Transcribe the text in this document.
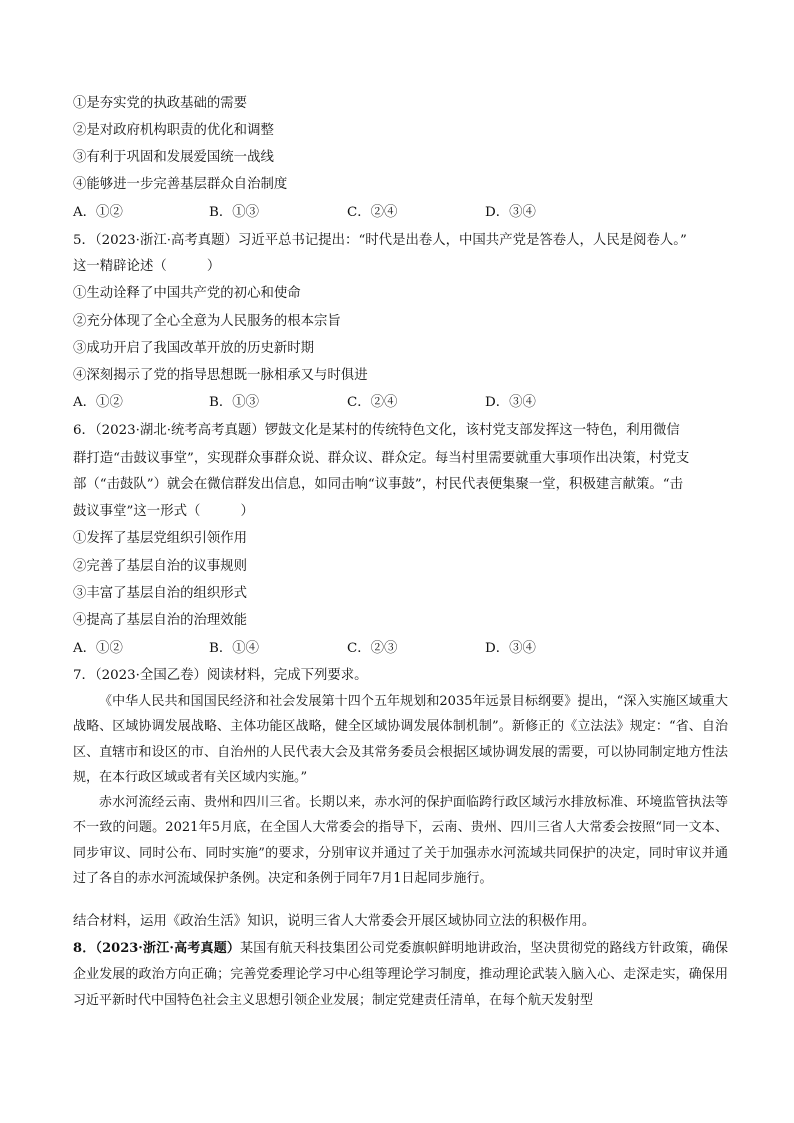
①是夯实党的执政基础的需要
②是对政府机构职责的优化和调整
③有利于巩固和发展爱国统一战线
④能够进一步完善基层群众自治制度
A．①②	B．①③	C．②④	D．③④
5．（2023·浙江·高考真题）习近平总书记提出：“时代是出卷人，中国共产党是答卷人，人民是阅卷人。”
这一精辟论述（　　　）
①生动诠释了中国共产党的初心和使命
②充分体现了全心全意为人民服务的根本宗旨
③成功开启了我国改革开放的历史新时期
④深刻揭示了党的指导思想既一脉相承又与时俱进
A．①②	B．①③	C．②④	D．③④
6．（2023·湖北·统考高考真题）锣鼓文化是某村的传统特色文化，该村党支部发挥这一特色，利用微信
群打造“击鼓议事堂”，实现群众事群众说、群众议、群众定。每当村里需要就重大事项作出决策，村党支
部（“击鼓队”）就会在微信群发出信息，如同击响“议事鼓”，村民代表便集聚一堂，积极建言献策。“击
鼓议事堂”这一形式（　　　）
①发挥了基层党组织引领作用
②完善了基层自治的议事规则
③丰富了基层自治的组织形式
④提高了基层自治的治理效能
A．①②	B．①④	C．②③	D．③④
7．（2023·全国乙卷）阅读材料，完成下列要求。

《中华人民共和国国民经济和社会发展第十四个五年规划和2035年远景目标纲要》提出，“深入实施区域重大战略、区域协调发展战略、主体功能区战略，健全区域协调发展体制机制”。新修正的《立法法》规定：“省、自治区、直辖市和设区的市、自治州的人民代表大会及其常务委员会根据区域协调发展的需要，可以协同制定地方性法规，在本行政区域或者有关区域内实施。”

赤水河流经云南、贵州和四川三省。长期以来，赤水河的保护面临跨行政区域污水排放标准、环境监管执法等不一致的问题。2021年5月底，在全国人大常委会的指导下，云南、贵州、四川三省人大常委会按照“同一文本、同步审议、同时公布、同时实施”的要求，分别审议并通过了关于加强赤水河流域共同保护的决定，同时审议并通过了各自的赤水河流域保护条例。决定和条例于同年7月1日起同步施行。

结合材料，运用《政治生活》知识，说明三省人大常委会开展区域协同立法的积极作用。
8．（2023·浙江·高考真题）某国有航天科技集团公司党委旗帜鲜明地讲政治，坚决贯彻党的路线方针政策，确保企业发展的政治方向正确；完善党委理论学习中心组等理论学习制度，推动理论武装入脑入心、走深走实，确保用习近平新时代中国特色社会主义思想引领企业发展；制定党建责任清单，在每个航天发射型
